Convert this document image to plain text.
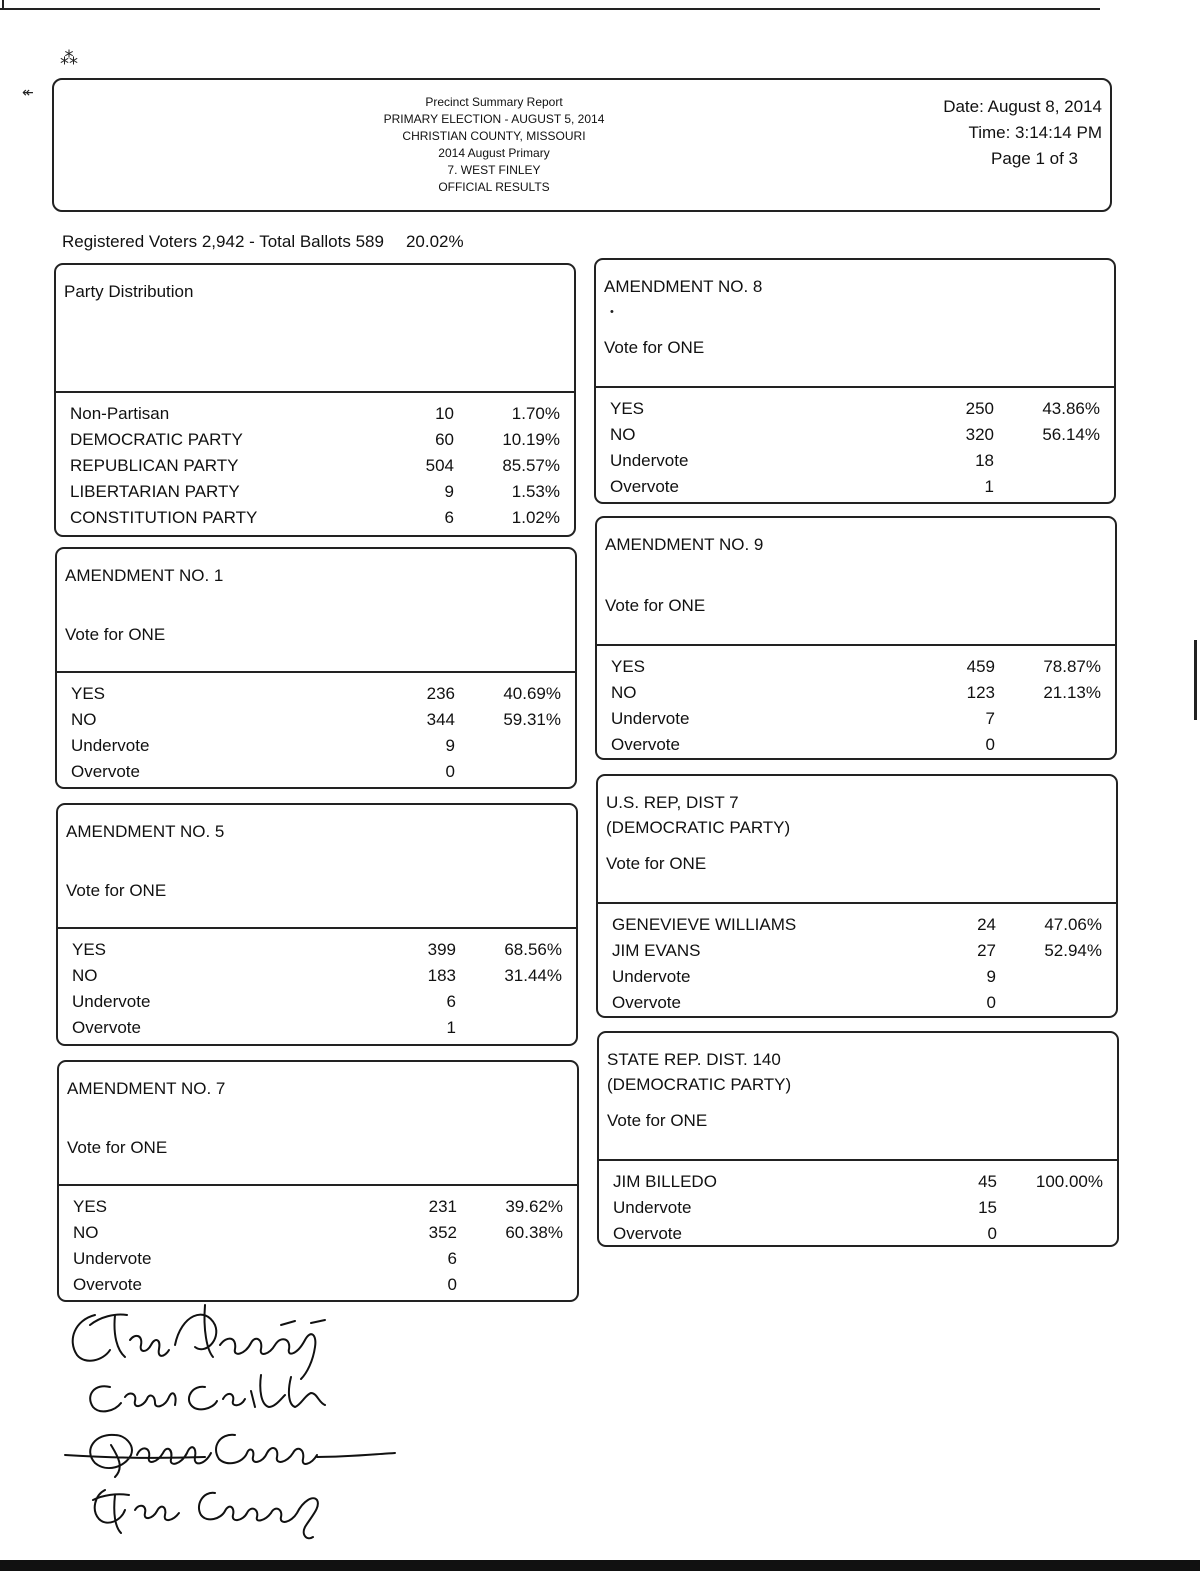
⁂
↞
Precinct Summary Report
PRIMARY ELECTION - AUGUST 5, 2014
CHRISTIAN COUNTY, MISSOURI
2014 August Primary
7. WEST FINLEY
OFFICIAL RESULTS
Date: August 8, 2014
Time: 3:14:14 PM
Page 1 of 3
Registered Voters 2,942 - Total Ballots 589 20.02%
Party Distribution
Non-Partisan	10	1.70%
DEMOCRATIC PARTY	60	10.19%
REPUBLICAN PARTY	504	85.57%
LIBERTARIAN PARTY	9	1.53%
CONSTITUTION PARTY	6	1.02%
AMENDMENT NO. 1
Vote for ONE
YES	236	40.69%
NO	344	59.31%
Undervote	9
Overvote	0
AMENDMENT NO. 5
Vote for ONE
YES	399	68.56%
NO	183	31.44%
Undervote	6
Overvote	1
AMENDMENT NO. 7
Vote for ONE
YES	231	39.62%
NO	352	60.38%
Undervote	6
Overvote	0
AMENDMENT NO. 8
•
Vote for ONE
YES	250	43.86%
NO	320	56.14%
Undervote	18
Overvote	1
AMENDMENT NO. 9
Vote for ONE
YES	459	78.87%
NO	123	21.13%
Undervote	7
Overvote	0
U.S. REP, DIST 7
(DEMOCRATIC PARTY)
Vote for ONE
GENEVIEVE WILLIAMS	24	47.06%
JIM EVANS	27	52.94%
Undervote	9
Overvote	0
STATE REP. DIST. 140
(DEMOCRATIC PARTY)
Vote for ONE
JIM BILLEDO	45 100.00%
Undervote	15
Overvote	0
